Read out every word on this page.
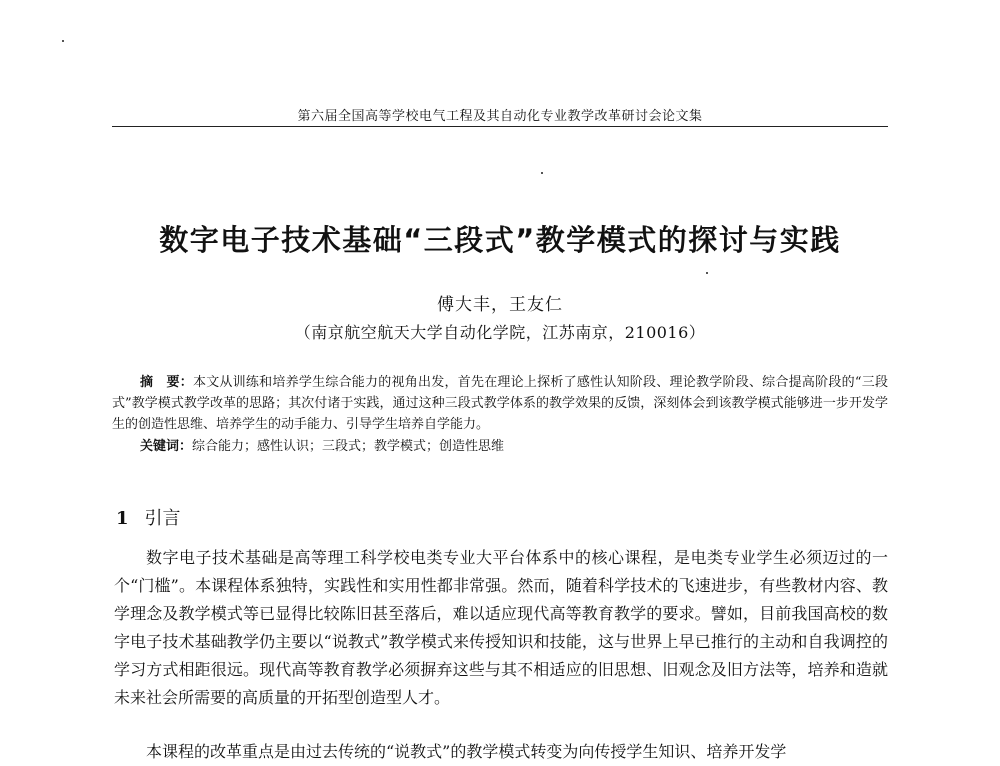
第六届全国高等学校电气工程及其自动化专业教学改革研讨会论文集
数字电子技术基础“三段式”教学模式的探讨与实践
傅大丰，王友仁
（南京航空航天大学自动化学院，江苏南京，210016）
摘　要：本文从训练和培养学生综合能力的视角出发，首先在理论上探析了感性认知阶段、理论教学阶段、综合提高阶段的“三段式”教学模式教学改革的思路；其次付诸于实践，通过这种三段式教学体系的教学效果的反馈，深刻体会到该教学模式能够进一步开发学生的创造性思维、培养学生的动手能力、引导学生培养自学能力。
关键词：综合能力；感性认识；三段式；教学模式；创造性思维
1 引言
数字电子技术基础是高等理工科学校电类专业大平台体系中的核心课程，是电类专业学生必须迈过的一个“门槛”。本课程体系独特，实践性和实用性都非常强。然而，随着科学技术的飞速进步，有些教材内容、教学理念及教学模式等已显得比较陈旧甚至落后，难以适应现代高等教育教学的要求。譬如，目前我国高校的数字电子技术基础教学仍主要以“说教式”教学模式来传授知识和技能，这与世界上早已推行的主动和自我调控的学习方式相距很远。现代高等教育教学必须摒弃这些与其不相适应的旧思想、旧观念及旧方法等，培养和造就未来社会所需要的高质量的开拓型创造型人才。
本课程的改革重点是由过去传统的“说教式”的教学模式转变为向传授学生知识、培养开发学
